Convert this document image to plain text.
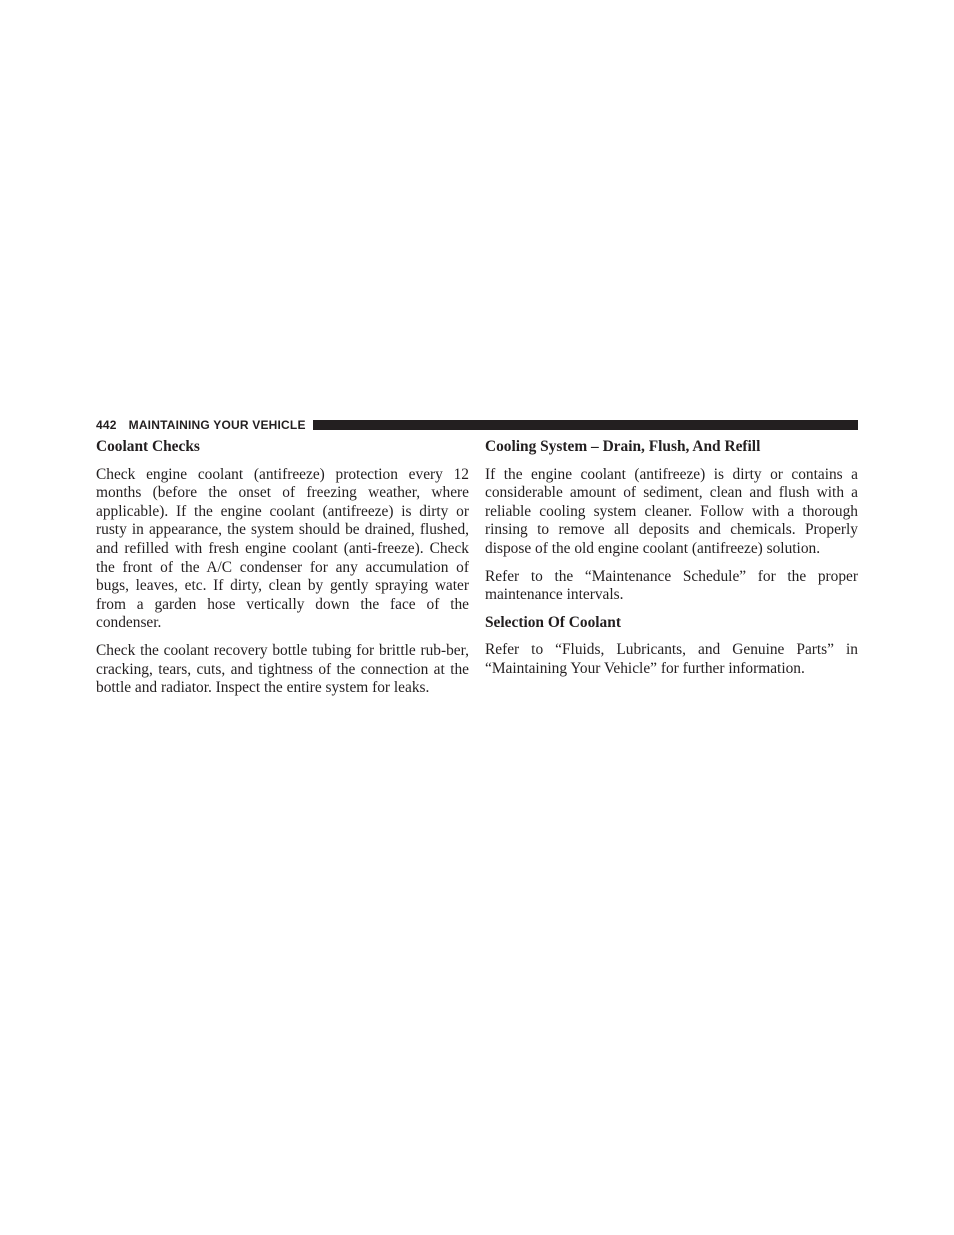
442 MAINTAINING YOUR VEHICLE
Coolant Checks

Check engine coolant (antifreeze) protection every 12 months (before the onset of freezing weather, where applicable). If the engine coolant (antifreeze) is dirty or rusty in appearance, the system should be drained, flushed, and refilled with fresh engine coolant (anti-freeze). Check the front of the A/C condenser for any accumulation of bugs, leaves, etc. If dirty, clean by gently spraying water from a garden hose vertically down the face of the condenser.

Check the coolant recovery bottle tubing for brittle rub-ber, cracking, tears, cuts, and tightness of the connection at the bottle and radiator. Inspect the entire system for leaks.

Cooling System – Drain, Flush, And Refill

If the engine coolant (antifreeze) is dirty or contains a considerable amount of sediment, clean and flush with a reliable cooling system cleaner. Follow with a thorough rinsing to remove all deposits and chemicals. Properly dispose of the old engine coolant (antifreeze) solution.

Refer to the “Maintenance Schedule” for the proper maintenance intervals.

Selection Of Coolant

Refer to “Fluids, Lubricants, and Genuine Parts” in “Maintaining Your Vehicle” for further information.
